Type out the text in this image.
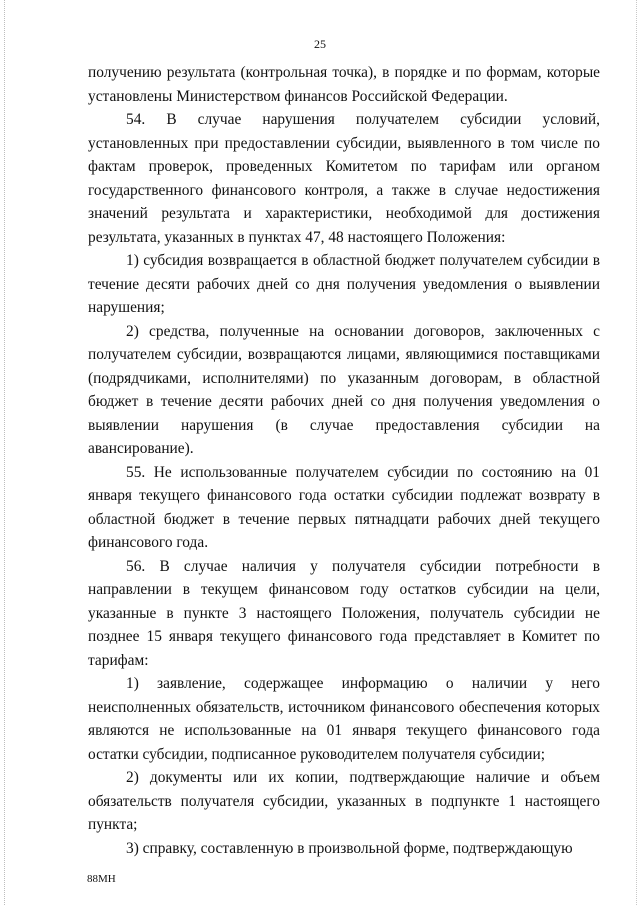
25

получению результата (контрольная точка), в порядке и по формам, которые установлены Министерством финансов Российской Федерации.

54. В случае нарушения получателем субсидии условий, установленных при предоставлении субсидии, выявленного в том числе по фактам проверок, проведенных Комитетом по тарифам или органом государственного финансового контроля, а также в случае недостижения значений результата и характеристики, необходимой для достижения результата, указанных в пунктах 47, 48 настоящего Положения:

1) субсидия возвращается в областной бюджет получателем субсидии в течение десяти рабочих дней со дня получения уведомления о выявлении нарушения;

2) средства, полученные на основании договоров, заключенных с получателем субсидии, возвращаются лицами, являющимися поставщиками (подрядчиками, исполнителями) по указанным договорам, в областной бюджет в течение десяти рабочих дней со дня получения уведомления о выявлении нарушения (в случае предоставления субсидии на авансирование).

55. Не использованные получателем субсидии по состоянию на 01 января текущего финансового года остатки субсидии подлежат возврату в областной бюджет в течение первых пятнадцати рабочих дней текущего финансового года.

56. В случае наличия у получателя субсидии потребности в направлении в текущем финансовом году остатков субсидии на цели, указанные в пункте 3 настоящего Положения, получатель субсидии не позднее 15 января текущего финансового года представляет в Комитет по тарифам:

1) заявление, содержащее информацию о наличии у него неисполненных обязательств, источником финансового обеспечения которых являются не использованные на 01 января текущего финансового года остатки субсидии, подписанное руководителем получателя субсидии;

2) документы или их копии, подтверждающие наличие и объем обязательств получателя субсидии, указанных в подпункте 1 настоящего пункта;

3) справку, составленную в произвольной форме, подтверждающую

88МН
